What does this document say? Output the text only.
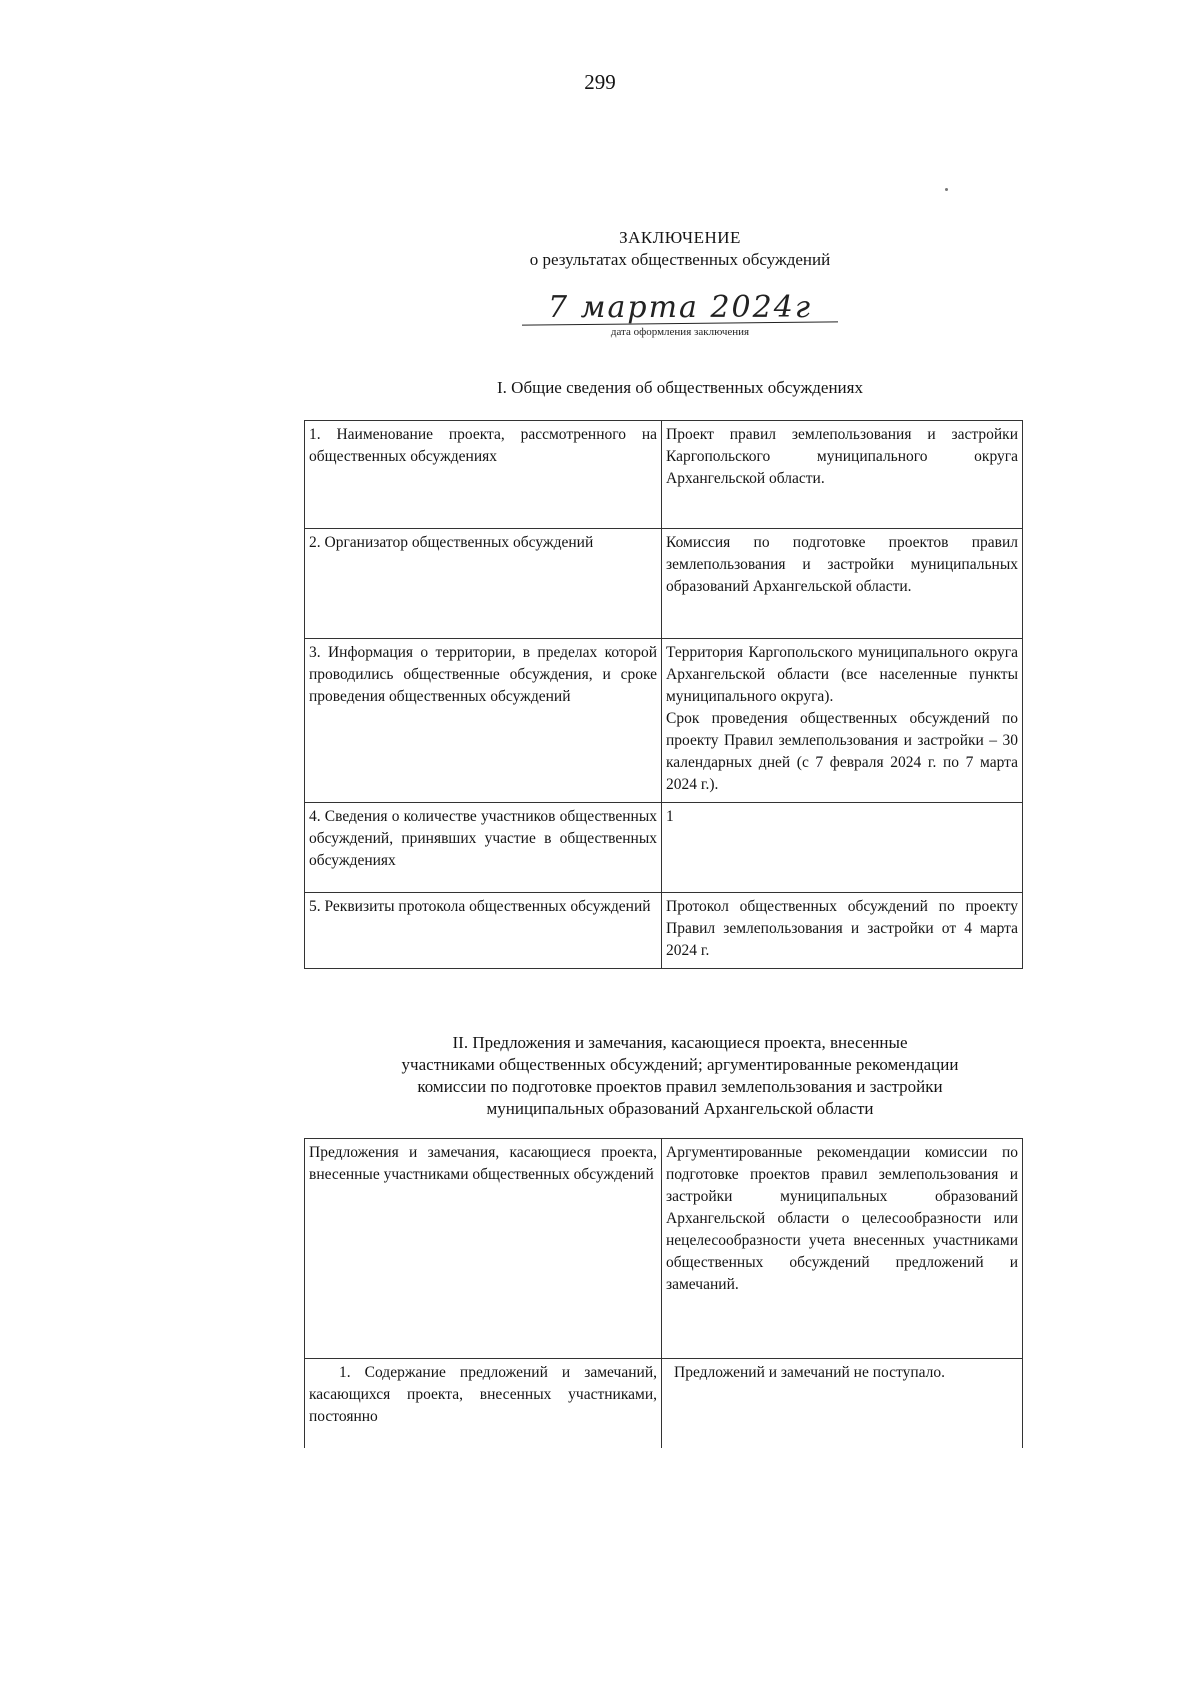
299
ЗАКЛЮЧЕНИЕ
о результатах общественных обсуждений
7 марта 2024г
дата оформления заключения
I. Общие сведения об общественных обсуждениях
1. Наименование проекта, рассмотренного на общественных обсуждениях	Проект правил землепользования и застройки Каргопольского муниципального округа Архангельской области.
2. Организатор общественных обсуждений	Комиссия по подготовке проектов правил землепользования и застройки муниципальных образований Архангельской области.
3. Информация о территории, в пределах которой проводились общественные обсуждения, и сроке проведения общественных обсуждений	Территория Каргопольского муниципального округа Архангельской области (все населенные пункты муниципального округа).
Срок проведения общественных обсуждений по проекту Правил землепользования и застройки – 30 календарных дней (с 7 февраля 2024 г. по 7 марта 2024 г.).

4. Сведения о количестве участников общественных обсуждений, принявших участие в общественных обсуждениях	1
5. Реквизиты протокола общественных обсуждений	Протокол общественных обсуждений по проекту Правил землепользования и застройки от 4 марта 2024 г.
II. Предложения и замечания, касающиеся проекта, внесенные
участниками общественных обсуждений; аргументированные рекомендации
комиссии по подготовке проектов правил землепользования и застройки
муниципальных образований Архангельской области
Предложения и замечания, касающиеся проекта, внесенные участниками общественных обсуждений	Аргументированные рекомендации комиссии по подготовке проектов правил землепользования и застройки муниципальных образований Архангельской области о целесообразности или нецелесообразности учета внесенных участниками общественных обсуждений предложений и замечаний.
1. Содержание предложений и замечаний, касающихся проекта, внесенных участниками, постоянно	Предложений и замечаний не поступало.
